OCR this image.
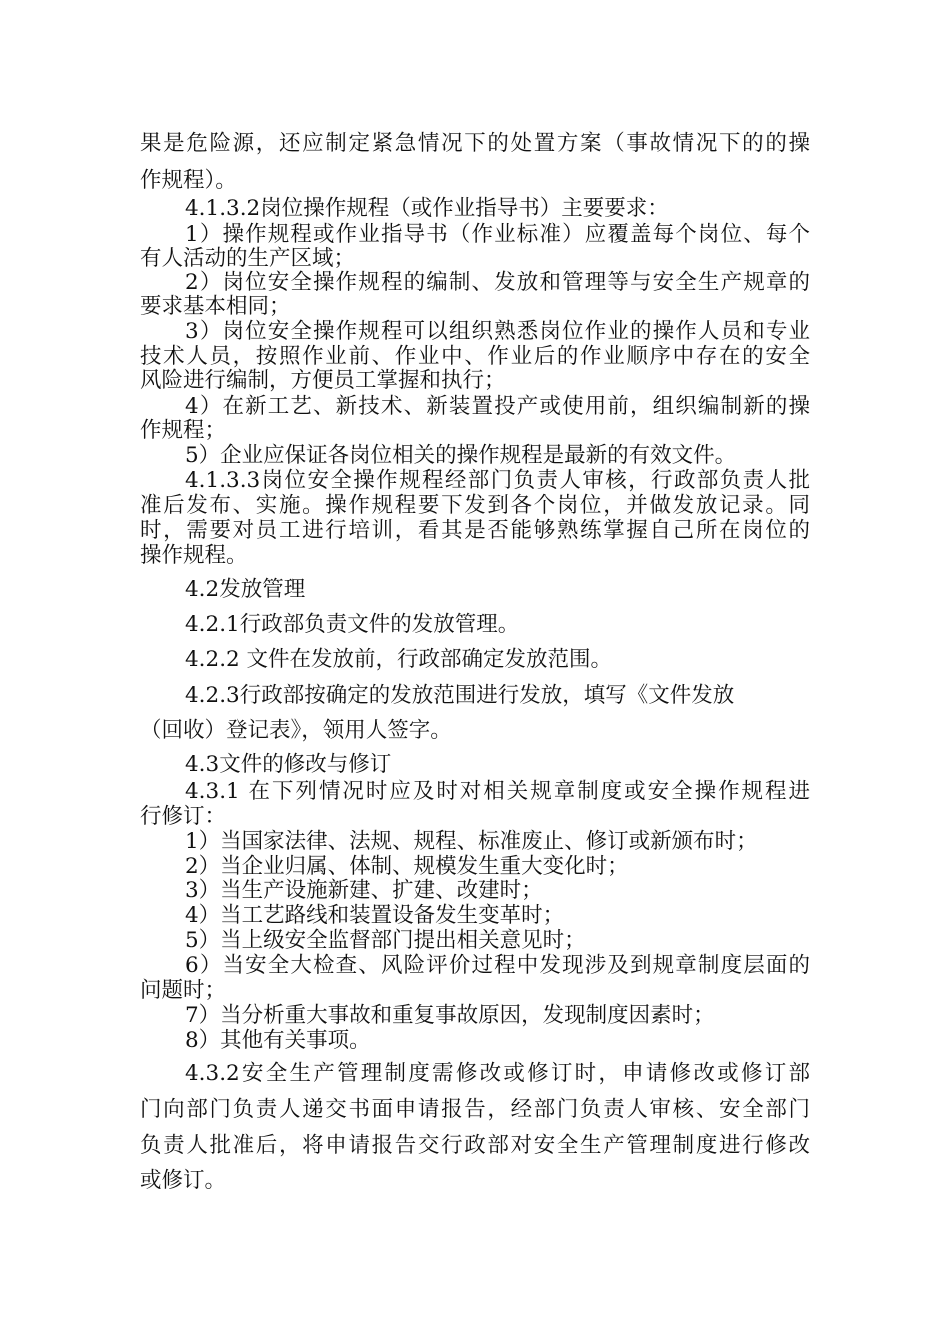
果是危险源，还应制定紧急情况下的处置方案（事故情况下的的操
作规程）。
4.1.3.2岗位操作规程（或作业指导书）主要要求：
1）操作规程或作业指导书（作业标准）应覆盖每个岗位、每个
有人活动的生产区域；
2）岗位安全操作规程的编制、发放和管理等与安全生产规章的
要求基本相同；
3）岗位安全操作规程可以组织熟悉岗位作业的操作人员和专业
技术人员，按照作业前、作业中、作业后的作业顺序中存在的安全
风险进行编制，方便员工掌握和执行；
4）在新工艺、新技术、新装置投产或使用前，组织编制新的操
作规程；
5）企业应保证各岗位相关的操作规程是最新的有效文件。
4.1.3.3岗位安全操作规程经部门负责人审核，行政部负责人批
准后发布、实施。操作规程要下发到各个岗位，并做发放记录。同
时，需要对员工进行培训，看其是否能够熟练掌握自己所在岗位的
操作规程。
4.2发放管理
4.2.1行政部负责文件的发放管理。
4.2.2 文件在发放前，行政部确定发放范围。
4.2.3行政部按确定的发放范围进行发放，填写《文件发放
（回收）登记表》，领用人签字。
4.3文件的修改与修订
4.3.1 在下列情况时应及时对相关规章制度或安全操作规程进
行修订：
1）当国家法律、法规、规程、标准废止、修订或新颁布时；
2）当企业归属、体制、规模发生重大变化时；
3）当生产设施新建、扩建、改建时；
4）当工艺路线和装置设备发生变革时；
5）当上级安全监督部门提出相关意见时；
6）当安全大检查、风险评价过程中发现涉及到规章制度层面的
问题时；
7）当分析重大事故和重复事故原因，发现制度因素时；
8）其他有关事项。
4.3.2安全生产管理制度需修改或修订时，申请修改或修订部
门向部门负责人递交书面申请报告，经部门负责人审核、安全部门
负责人批准后，将申请报告交行政部对安全生产管理制度进行修改
或修订。
